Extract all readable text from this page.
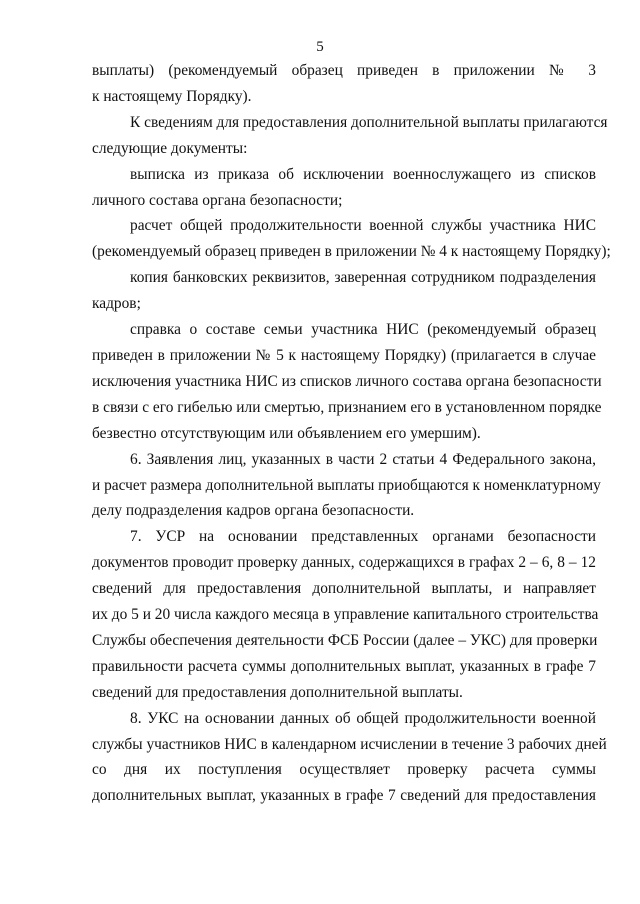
5
выплаты) (рекомендуемый образец приведен в приложении № 3
к настоящему Порядку).
К сведениям для предоставления дополнительной выплаты прилагаются
следующие документы:
выписка из приказа об исключении военнослужащего из списков
личного состава органа безопасности;
расчет общей продолжительности военной службы участника НИС
(рекомендуемый образец приведен в приложении № 4 к настоящему Порядку);
копия банковских реквизитов, заверенная сотрудником подразделения
кадров;
справка о составе семьи участника НИС (рекомендуемый образец
приведен в приложении № 5 к настоящему Порядку) (прилагается в случае
исключения участника НИС из списков личного состава органа безопасности
в связи с его гибелью или смертью, признанием его в установленном порядке
безвестно отсутствующим или объявлением его умершим).
6. Заявления лиц, указанных в части 2 статьи 4 Федерального закона,
и расчет размера дополнительной выплаты приобщаются к номенклатурному
делу подразделения кадров органа безопасности.
7. УСР на основании представленных органами безопасности
документов проводит проверку данных, содержащихся в графах 2 – 6, 8 – 12
сведений для предоставления дополнительной выплаты, и направляет
их до 5 и 20 числа каждого месяца в управление капитального строительства
Службы обеспечения деятельности ФСБ России (далее – УКС) для проверки
правильности расчета суммы дополнительных выплат, указанных в графе 7
сведений для предоставления дополнительной выплаты.
8. УКС на основании данных об общей продолжительности военной
службы участников НИС в календарном исчислении в течение 3 рабочих дней
со дня их поступления осуществляет проверку расчета суммы
дополнительных выплат, указанных в графе 7 сведений для предоставления
